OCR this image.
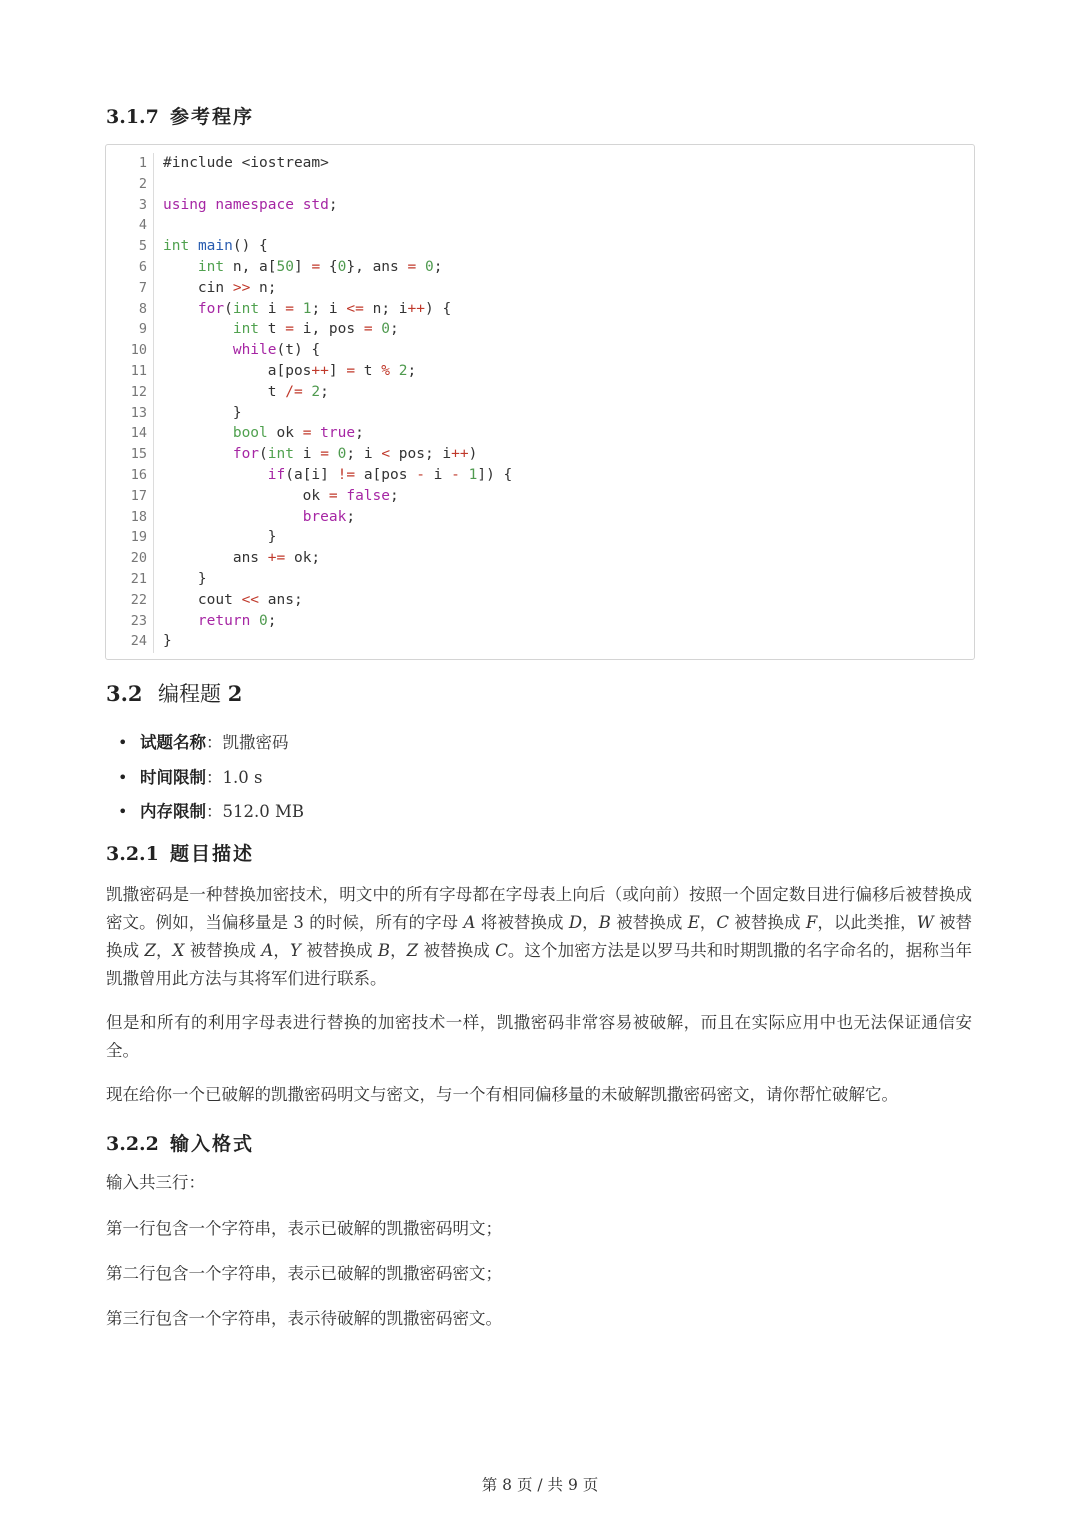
3.1.7 参考程序
1
2
3
4
5
6
7
8
9
10
11
12
13
14
15
16
17
18
19
20
21
22
23
24
#include <iostream>
using namespace std;
int main() {
int n, a[50] = {0}, ans = 0;
cin >> n;
for(int i = 1; i <= n; i++) {
int t = i, pos = 0;
while(t) {
a[pos++] = t % 2;
t /= 2;
}
bool ok = true;
for(int i = 0; i < pos; i++)
if(a[i] != a[pos - i - 1]) {
ok = false;
break;
}
ans += ok;
}
cout << ans;
return 0;
}
3.2 编程题 2
• 试题名称 ：凯撒密码
• 时间限制 ：1.0 s
• 内存限制 ：512.0 MB
3.2.1 题目描述

凯撒密码是一种替换加密技术，明文中的所有字母都在字母表上向后（或向前）按照一个固定数目进行偏移后被替换成密文。例如，当偏移量是 3 的时候，所有的字母 A 将被替换成 D，B 被替换成 E，C 被替换成 F，以此类推，W 被替换成 Z，X 被替换成 A，Y 被替换成 B，Z 被替换成 C。这个加密方法是以罗马共和时期凯撒的名字命名的，据称当年凯撒曾用此方法与其将军们进行联系。

但是和所有的利用字母表进行替换的加密技术一样，凯撒密码非常容易被破解，而且在实际应用中也无法保证通信安全。

现在给你一个已破解的凯撒密码明文与密文，与一个有相同偏移量的未破解凯撒密码密文，请你帮忙破解它。

3.2.2 输入格式

输入共三行：

第一行包含一个字符串，表示已破解的凯撒密码明文；

第二行包含一个字符串，表示已破解的凯撒密码密文；

第三行包含一个字符串，表示待破解的凯撒密码密文。

第 8 页 / 共 9 页
